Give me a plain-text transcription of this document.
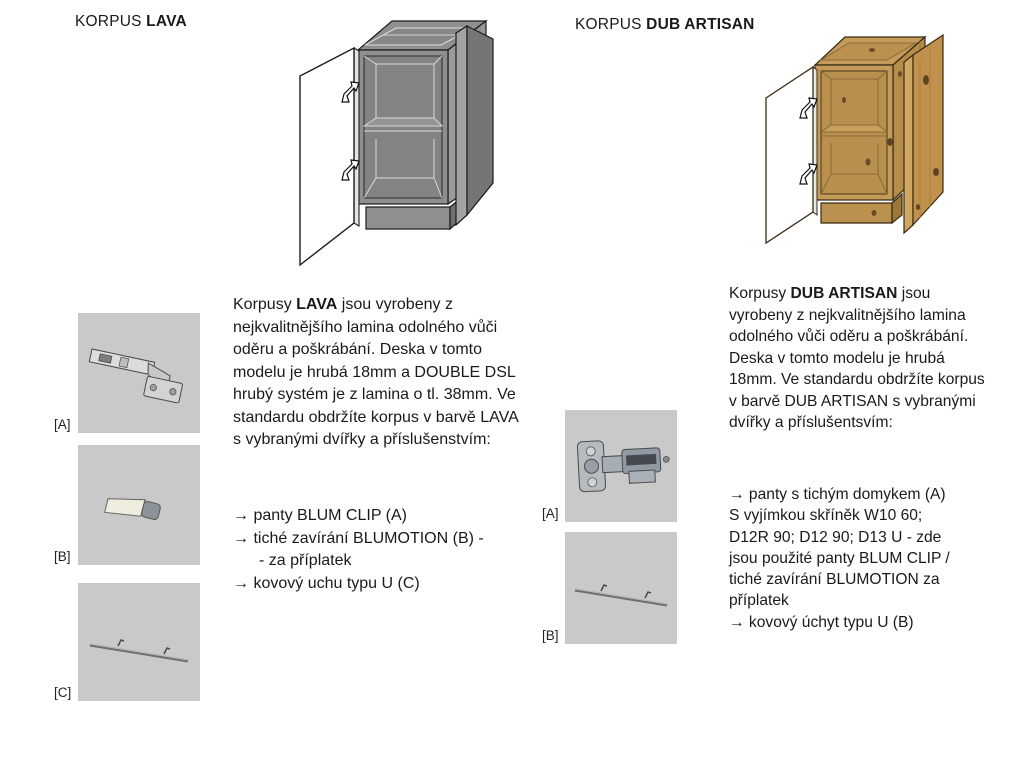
KORPUS LAVA

Korpusy LAVA jsou vyrobeny z nejkvalitnějšího lamina odolného vůči oděru a poškrábání. Deska v tomto modelu je hrubá 18mm a DOUBLE DSL hrubý systém je z lamina o tl. 38mm. Ve standardu obdržíte korpus v barvě LAVA s vybranými dvířky a příslušenstvím:

→ panty BLUM CLIP (A)
→ tiché zavírání BLUMOTION (B) -
- za příplatek
→ kovový uchu typu U (C)
[A]
[B]
[C]
KORPUS DUB ARTISAN

Korpusy DUB ARTISAN jsou vyrobeny z nejkvalitnějšího lamina odolného vůči oděru a poškrábání. Deska v tomto modelu je hrubá 18mm. Ve standardu obdržíte korpus v barvě DUB ARTISAN s vybranými dvířky a příslušentsvím:

→ panty s tichým domykem (A)
S vyjímkou skříněk W10 60;
D12R 90; D12 90; D13 U - zde
jsou použité panty BLUM CLIP /
tiché zavírání BLUMOTION za
příplatek
→ kovový úchyt typu U (B)
[A]
[B]
